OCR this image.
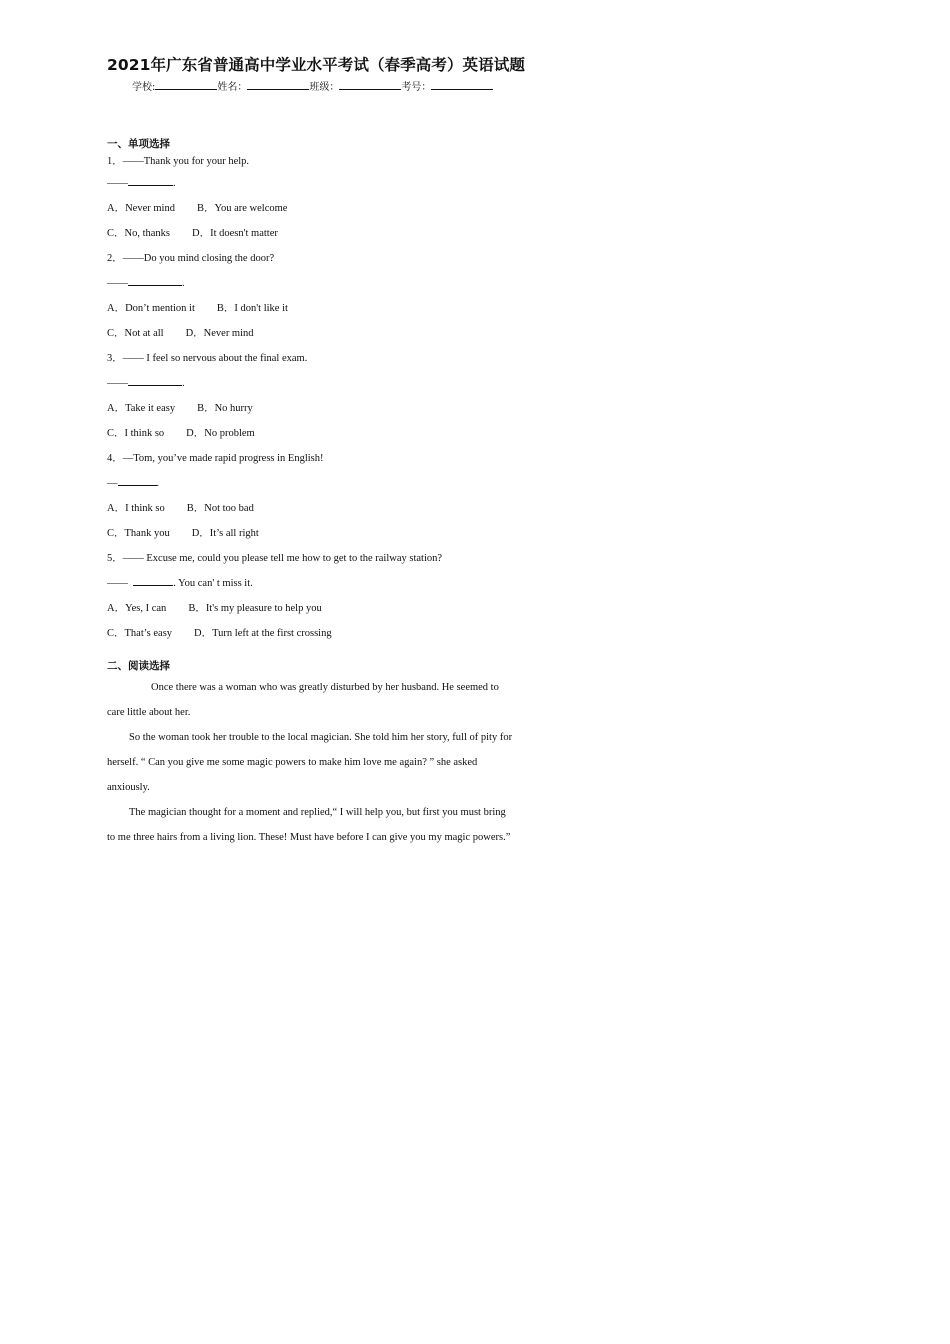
2021年广东省普通高中学业水平考试（春季高考）英语试题
学校:	姓名：	班级：	考号：
一、单项选择
1．——Thank you for your help.
——	.
A．Never mind B．You are welcome
C．No, thanks D．It doesn't matter
2．——Do you mind closing the door?
——	.
A．Don’t mention it B．I don't like it
C．Not at all D．Never mind
3．—— I feel so nervous about the final exam.
——	.
A．Take it easy B．No hurry
C．I think so D．No problem
4．—Tom, you’ve made rapid progress in English!
—	.
A．I think so B．Not too bad
C．Thank you D．It’s all right
5．—— Excuse me, could you please tell me how to get to the railway station?
——	. You can' t miss it.
A．Yes, I can B．It's my pleasure to help you
C．That’s easy D．Turn left at the first crossing
二、阅读选择
Once there was a woman who was greatly disturbed by her husband. He seemed to
care little about her.
So the woman took her trouble to the local magician. She told him her story, full of pity for
herself. “ Can you give me some magic powers to make him love me again? ” she asked
anxiously.
The magician thought for a moment and replied,“ I will help you, but first you must bring
to me three hairs from a living lion. These! Must have before I can give you my magic powers.”
